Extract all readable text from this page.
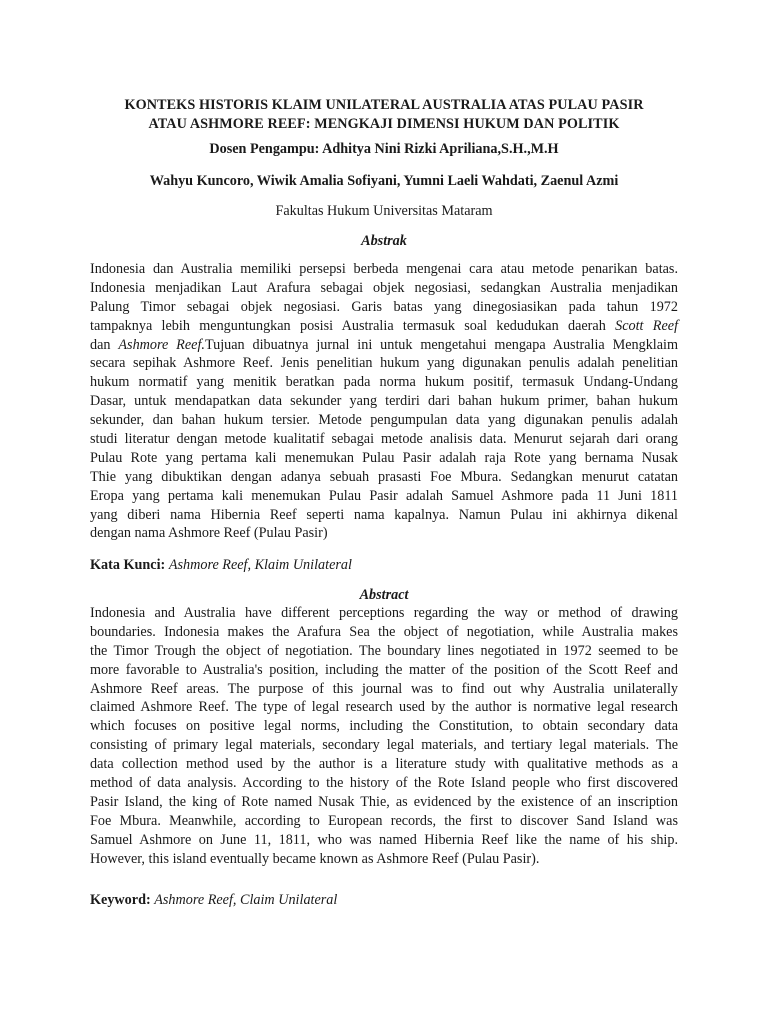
KONTEKS HISTORIS KLAIM UNILATERAL AUSTRALIA ATAS PULAU PASIR
ATAU ASHMORE REEF: MENGKAJI DIMENSI HUKUM DAN POLITIK
Dosen Pengampu: Adhitya Nini Rizki Apriliana,S.H.,M.H
Wahyu Kuncoro, Wiwik Amalia Sofiyani, Yumni Laeli Wahdati, Zaenul Azmi
Fakultas Hukum Universitas Mataram
Abstrak
Indonesia dan Australia memiliki persepsi berbeda mengenai cara atau metode penarikan batas.
Indonesia menjadikan Laut Arafura sebagai objek negosiasi, sedangkan Australia menjadikan
Palung Timor sebagai objek negosiasi. Garis batas yang dinegosiasikan pada tahun 1972
tampaknya lebih menguntungkan posisi Australia termasuk soal kedudukan daerah Scott Reef
dan Ashmore Reef.Tujuan dibuatnya jurnal ini untuk mengetahui mengapa Australia Mengklaim
secara sepihak Ashmore Reef. Jenis penelitian hukum yang digunakan penulis adalah penelitian
hukum normatif yang menitik beratkan pada norma hukum positif, termasuk Undang-Undang
Dasar, untuk mendapatkan data sekunder yang terdiri dari bahan hukum primer, bahan hukum
sekunder, dan bahan hukum tersier. Metode pengumpulan data yang digunakan penulis adalah
studi literatur dengan metode kualitatif sebagai metode analisis data. Menurut sejarah dari orang
Pulau Rote yang pertama kali menemukan Pulau Pasir adalah raja Rote yang bernama Nusak
Thie yang dibuktikan dengan adanya sebuah prasasti Foe Mbura. Sedangkan menurut catatan
Eropa yang pertama kali menemukan Pulau Pasir adalah Samuel Ashmore pada 11 Juni 1811
yang diberi nama Hibernia Reef seperti nama kapalnya. Namun Pulau ini akhirnya dikenal
dengan nama Ashmore Reef (Pulau Pasir)
Kata Kunci: Ashmore Reef, Klaim Unilateral
Abstract
Indonesia and Australia have different perceptions regarding the way or method of drawing
boundaries. Indonesia makes the Arafura Sea the object of negotiation, while Australia makes
the Timor Trough the object of negotiation. The boundary lines negotiated in 1972 seemed to be
more favorable to Australia's position, including the matter of the position of the Scott Reef and
Ashmore Reef areas. The purpose of this journal was to find out why Australia unilaterally
claimed Ashmore Reef. The type of legal research used by the author is normative legal research
which focuses on positive legal norms, including the Constitution, to obtain secondary data
consisting of primary legal materials, secondary legal materials, and tertiary legal materials. The
data collection method used by the author is a literature study with qualitative methods as a
method of data analysis. According to the history of the Rote Island people who first discovered
Pasir Island, the king of Rote named Nusak Thie, as evidenced by the existence of an inscription
Foe Mbura. Meanwhile, according to European records, the first to discover Sand Island was
Samuel Ashmore on June 11, 1811, who was named Hibernia Reef like the name of his ship.
However, this island eventually became known as Ashmore Reef (Pulau Pasir).
Keyword: Ashmore Reef, Claim Unilateral
